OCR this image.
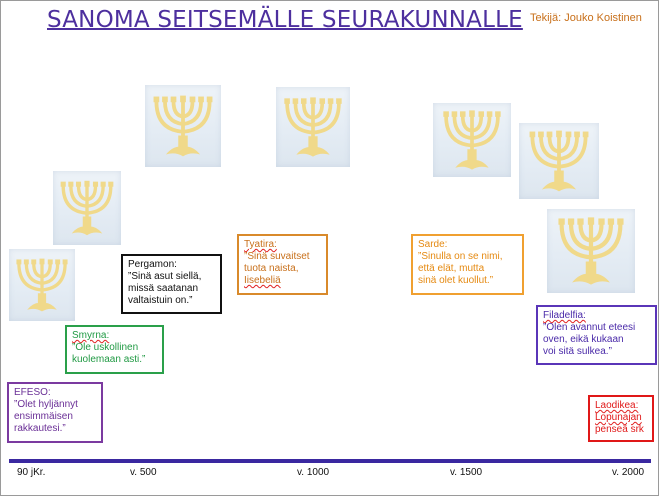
SANOMA SEITSEMÄLLE SEURAKUNNALLE Tekijä: Jouko Koistinen
EFESO:
”Olet hyljännyt
ensimmäisen
rakkautesi.”
Smyrna:
”Ole uskollinen
kuolemaan asti.”
Pergamon:
”Sinä asut siellä,
missä saatanan
valtaistuin on.”
Tyatira:
”Sinä suvaitset
tuota naista,
Iisebeliä
Sarde:
”Sinulla on se nimi,
että elät, mutta
sinä olet kuollut.”
Filadelfia:
”Olen avannut eteesi
oven, eikä kukaan
voi sitä sulkea.”
Laodikea:
Lopunajan
penseä srk
90 jKr.	v. 500	v. 1000	v. 1500	v. 2000
